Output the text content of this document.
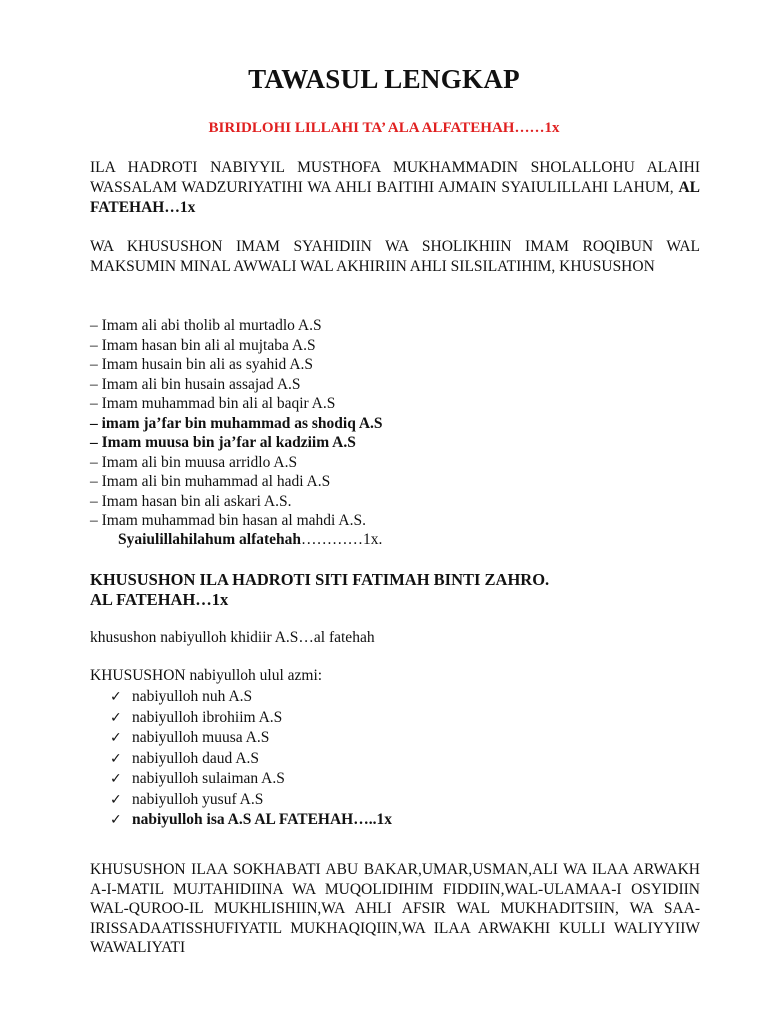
TAWASUL LENGKAP
BIRIDLOHI LILLAHI TA’ ALA ALFATEHAH……1x
ILA HADROTI NABIYYIL MUSTHOFA MUKHAMMADIN SHOLALLOHU ALAIHI WASSALAM WADZURIYATIHI WA AHLI BAITIHI AJMAIN SYAIULILLAHI LAHUM, AL FATEHAH…1x
WA KHUSUSHON IMAM SYAHIDIIN WA SHOLIKHIIN IMAM ROQIBUN WAL MAKSUMIN MINAL AWWALI WAL AKHIRIIN AHLI SILSILATIHIM, KHUSUSHON
– Imam ali abi tholib al murtadlo A.S
– Imam hasan bin ali al mujtaba A.S
– Imam husain bin ali as syahid A.S
– Imam ali bin husain assajad A.S
– Imam muhammad bin ali al baqir A.S
– imam ja’far bin muhammad as shodiq A.S
– Imam muusa bin ja’far al kadziim A.S
– Imam ali bin muusa arridlo A.S
– Imam ali bin muhammad al hadi A.S
– Imam hasan bin ali askari A.S.
– Imam muhammad bin hasan al mahdi A.S.
Syaiulillahilahum alfatehah…………1x.
KHUSUSHON ILA HADROTI SITI FATIMAH BINTI ZAHRO.
AL FATEHAH…1x
khusushon nabiyulloh khidiir A.S…al fatehah
KHUSUSHON nabiyulloh ulul azmi:
✓ nabiyulloh nuh A.S
✓ nabiyulloh ibrohiim A.S
✓ nabiyulloh muusa A.S
✓ nabiyulloh daud A.S
✓ nabiyulloh sulaiman A.S
✓ nabiyulloh yusuf A.S
✓ nabiyulloh isa A.S AL FATEHAH…..1x
KHUSUSHON ILAA SOKHABATI ABU BAKAR,UMAR,USMAN,ALI WA ILAA ARWAKH A-I-MATIL MUJTAHIDIINA WA MUQOLIDIHIM FIDDIIN,WAL-ULAMAA-I OSYIDIIN WAL-QUROO-IL MUKHLISHIIN,WA AHLI AFSIR WAL MUKHADITSIIN, WA SAA-IRISSADAATISSHUFIYATIL MUKHAQIQIIN,WA ILAA ARWAKHI KULLI WALIYYIIW WAWALIYATI
